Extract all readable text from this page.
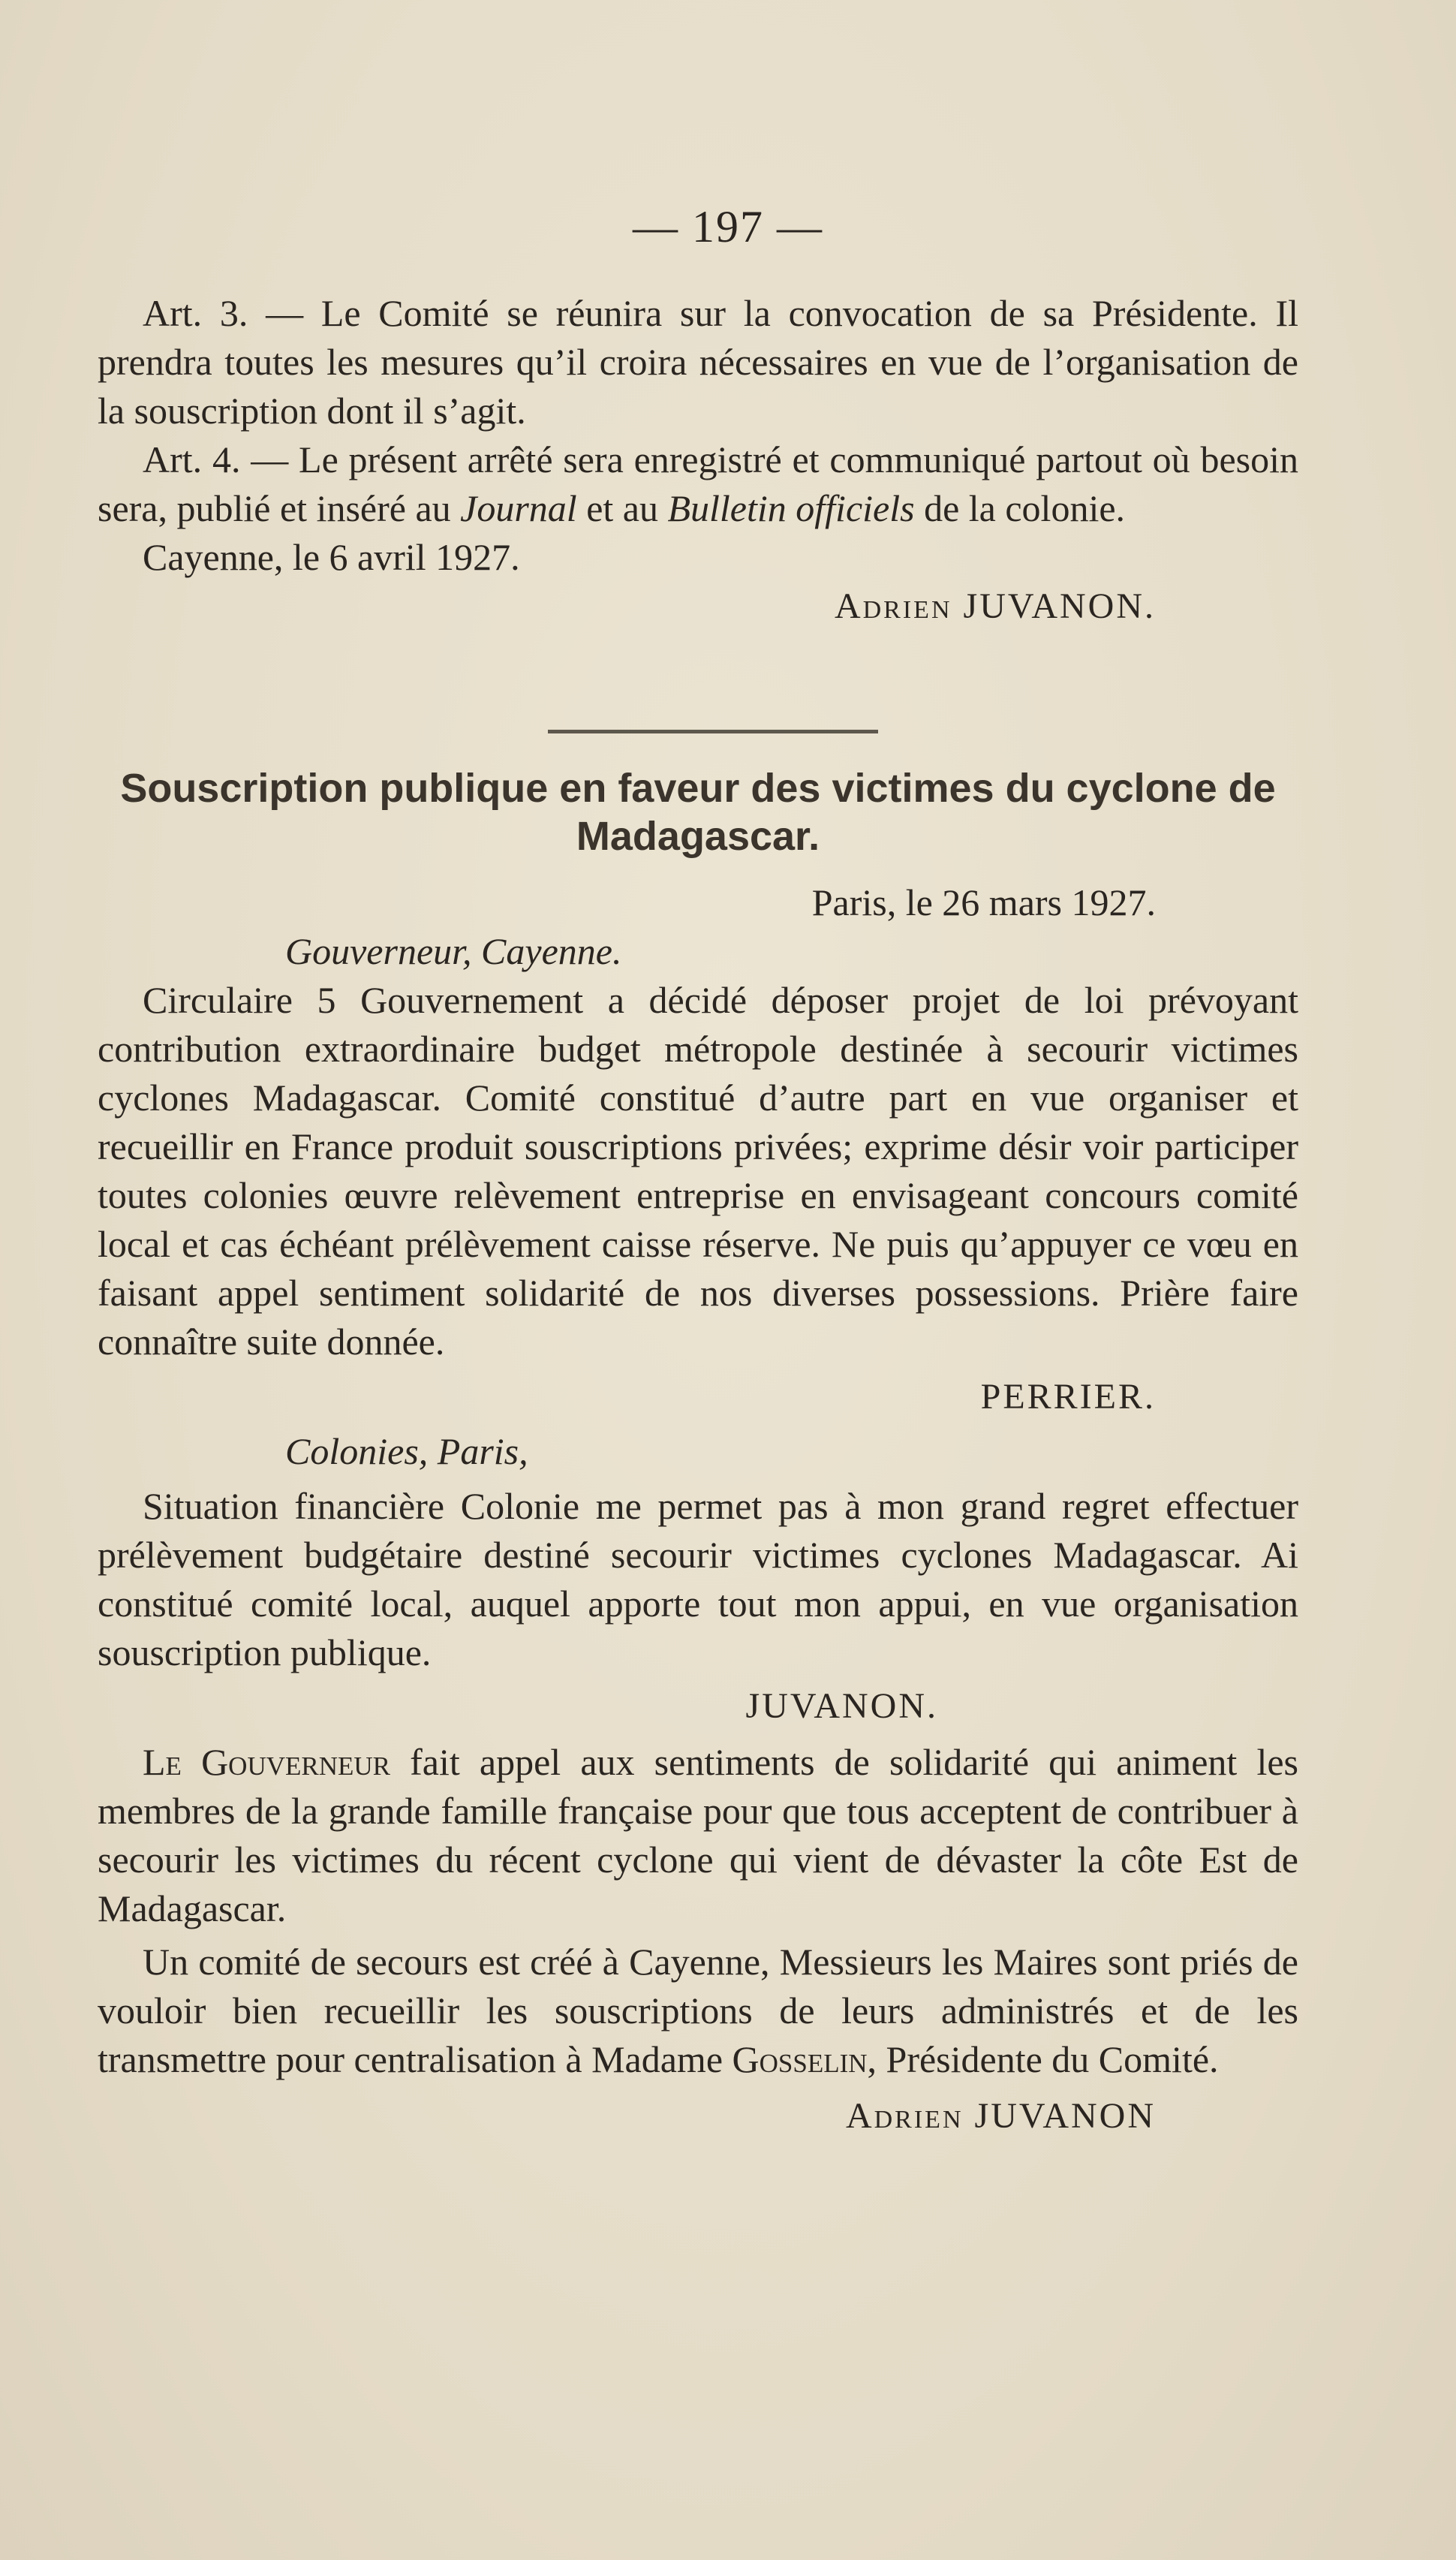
— 197 —

Art. 3. — Le Comité se réunira sur la convocation de sa Présidente. Il prendra toutes les mesures qu’il croira nécessaires en vue de l’organisation de la souscription dont il s’agit.

Art. 4. — Le présent arrêté sera enregistré et communiqué partout où besoin sera, publié et inséré au Journal et au Bulletin officiels de la colonie.

Cayenne, le 6 avril 1927.

Adrien JUVANON.

Souscription publique en faveur des victimes du cyclone de Madagascar.

Paris, le 26 mars 1927.

Gouverneur, Cayenne.

Circulaire 5 Gouvernement a décidé déposer projet de loi prévoyant contribution extraordinaire budget métropole destinée à secourir victimes cyclones Madagascar. Comité constitué d’autre part en vue organiser et recueillir en France produit souscriptions privées; exprime désir voir participer toutes colonies œuvre relèvement entreprise en envisageant concours comité local et cas échéant prélèvement caisse réserve. Ne puis qu’appuyer ce vœu en faisant appel sentiment solidarité de nos diverses possessions. Prière faire connaître suite donnée.

PERRIER.

Colonies, Paris,

Situation financière Colonie me permet pas à mon grand regret effectuer prélèvement budgétaire destiné secourir victimes cyclones Madagascar. Ai constitué comité local, auquel apporte tout mon appui, en vue organisation souscription publique.

JUVANON.

Le Gouverneur fait appel aux sentiments de solidarité qui animent les membres de la grande famille française pour que tous acceptent de contribuer à secourir les victimes du récent cyclone qui vient de dévaster la côte Est de Madagascar.

Un comité de secours est créé à Cayenne, Messieurs les Maires sont priés de vouloir bien recueillir les souscriptions de leurs administrés et de les transmettre pour centralisation à Madame Gosselin, Présidente du Comité.

Adrien JUVANON
